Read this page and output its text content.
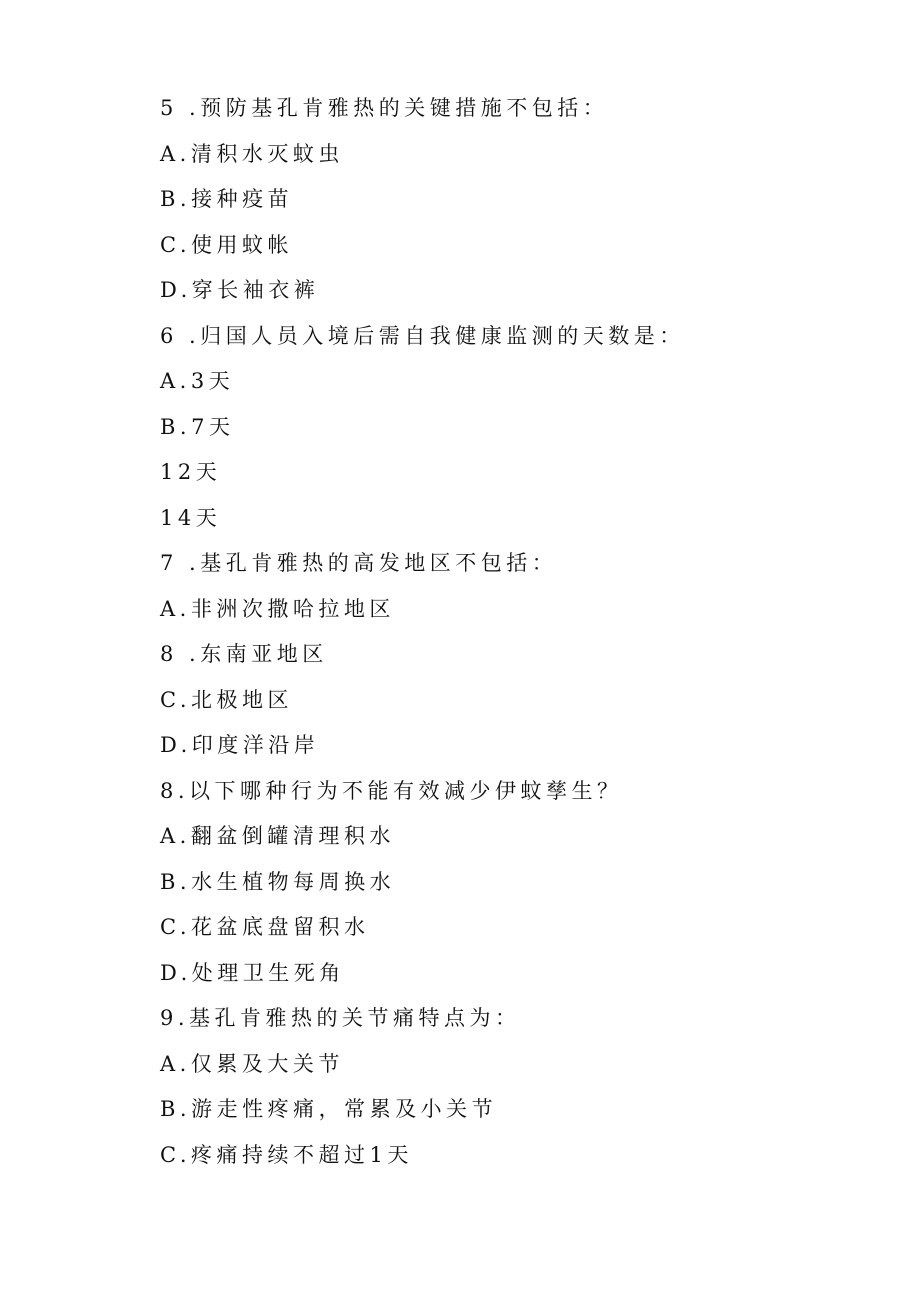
5 .预防基孔肯雅热的关键措施不包括：
A.清积水灭蚊虫
B.接种疫苗
C.使用蚊帐
D.穿长袖衣裤
6 .归国人员入境后需自我健康监测的天数是：
A.3天
B.7天
12天
14天
7 .基孔肯雅热的高发地区不包括：
A.非洲次撒哈拉地区
8 .东南亚地区
C.北极地区
D.印度洋沿岸
8.以下哪种行为不能有效减少伊蚊孳生？
A.翻盆倒罐清理积水
B.水生植物每周换水
C.花盆底盘留积水
D.处理卫生死角
9.基孔肯雅热的关节痛特点为：
A.仅累及大关节
B.游走性疼痛，常累及小关节
C.疼痛持续不超过1天
